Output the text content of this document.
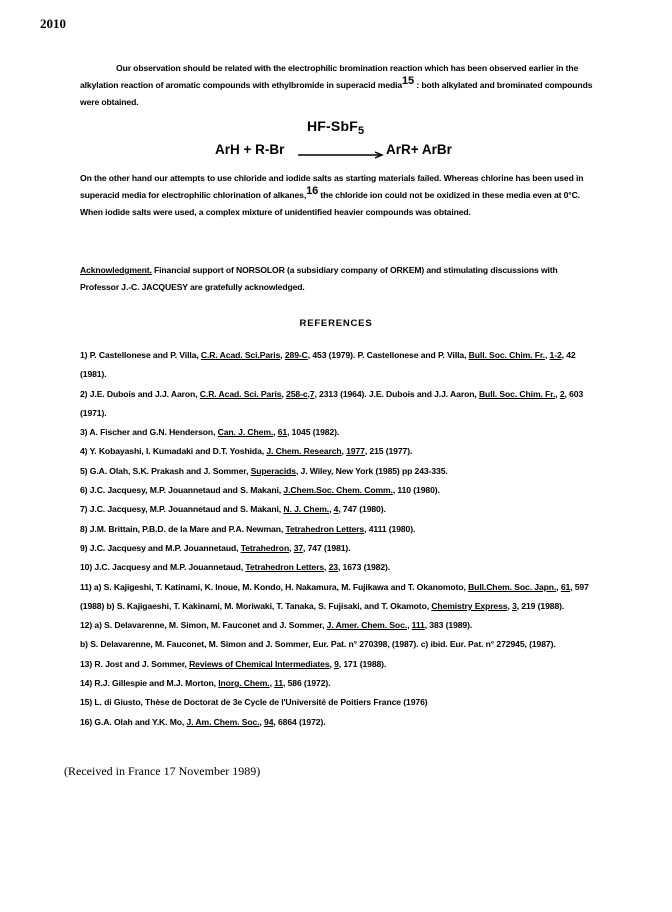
2010
Our observation should be related with the electrophilic bromination reaction which has been observed earlier in the alkylation reaction of aromatic compounds with ethylbromide in superacid media15 : both alkylated and brominated compounds were obtained.
HF-SbF$_5$
ArH + R-Br	ArR+ ArBr
On the other hand our attempts to use chloride and iodide salts as starting materials failed. Whereas chlorine has been used in superacid media for electrophilic chlorination of alkanes,16 the chloride ion could not be oxidized in these media even at 0°C. When iodide salts were used, a complex mixture of unidentified heavier compounds was obtained.
Acknowledgment. Financial support of NORSOLOR (a subsidiary company of ORKEM) and stimulating discussions with Professor J.-C. JACQUESY are gratefully acknowledged.
REFERENCES

1) P. Castellonese and P. Villa, C.R. Acad. Sci.Paris, 289-C, 453 (1979). P. Castellonese and P. Villa, Bull. Soc. Chim. Fr., 1-2, 42 (1981).

2) J.E. Dubois and J.J. Aaron, C.R. Acad. Sci. Paris, 258-c,7, 2313 (1964). J.E. Dubois and J.J. Aaron, Bull. Soc. Chim. Fr., 2, 603 (1971).

3) A. Fischer and G.N. Henderson, Can. J. Chem., 61, 1045 (1982).

4) Y. Kobayashi, I. Kumadaki and D.T. Yoshida, J. Chem. Research, 1977, 215 (1977).

5) G.A. Olah, S.K. Prakash and J. Sommer, Superacids, J. Wiley, New York (1985) pp 243-335.

6) J.C. Jacquesy, M.P. Jouannetaud and S. Makani, J.Chem.Soc. Chem. Comm., 110 (1980).

7) J.C. Jacquesy, M.P. Jouannetaud and S. Makani, N. J. Chem., 4, 747 (1980).

8) J.M. Brittain, P.B.D. de la Mare and P.A. Newman, Tetrahedron Letters, 4111 (1980).

9) J.C. Jacquesy and M.P. Jouannetaud, Tetrahedron, 37, 747 (1981).

10) J.C. Jacquesy and M.P. Jouannetaud, Tetrahedron Letters, 23, 1673 (1982).

11) a) S. Kajigeshi, T. Katinami, K. Inoue, M. Kondo, H. Nakamura, M. Fujikawa and T. Okanomoto, Bull.Chem. Soc. Japn., 61, 597 (1988) b) S. Kajigaeshi, T. Kakinami, M. Moriwaki, T. Tanaka, S. Fujisaki, and T. Okamoto, Chemistry Express, 3, 219 (1988).

12) a) S. Delavarenne, M. Simon, M. Fauconet and J. Sommer, J. Amer. Chem. Soc., 111, 383 (1989).

b) S. Delavarenne, M. Fauconet, M. Simon and J. Sommer, Eur. Pat. n° 270398, (1987). c) ibid. Eur. Pat. n° 272945, (1987).

13) R. Jost and J. Sommer, Reviews of Chemical Intermediates, 9, 171 (1988).

14) R.J. Gillespie and M.J. Morton, Inorg. Chem., 11, 586 (1972).

15) L. di Giusto, Thèse de Doctorat de 3e Cycle de l'Université de Poitiers France (1976)

16) G.A. Olah and Y.K. Mo, J. Am. Chem. Soc., 94, 6864 (1972).

(Received in France 17 November 1989)
